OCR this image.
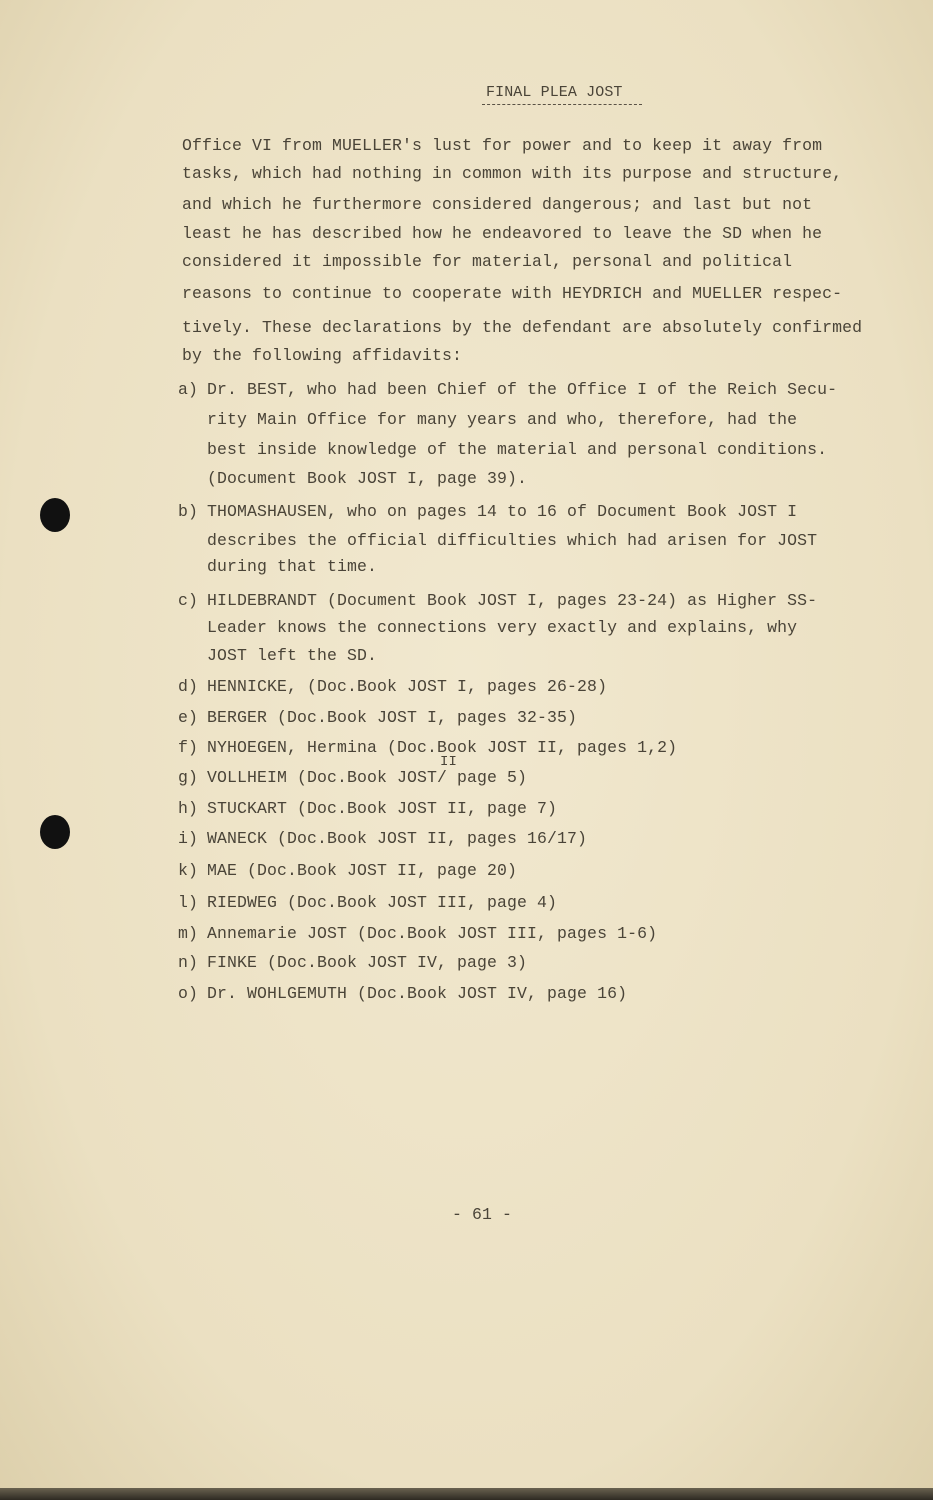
FINAL PLEA JOST
Office VI from MUELLER's lust for power and to keep it away from
tasks, which had nothing in common with its purpose and structure,
and which he furthermore considered dangerous; and last but not
least he has described how he endeavored to leave the SD when he
considered it impossible for material, personal and political
reasons to continue to cooperate with HEYDRICH and MUELLER respec-
tively. These declarations by the defendant are absolutely confirmed
by the following affidavits:
a) Dr. BEST, who had been Chief of the Office I of the Reich Secu-
rity Main Office for many years and who, therefore, had the
best inside knowledge of the material and personal conditions.
(Document Book JOST I, page 39).
b) THOMASHAUSEN, who on pages 14 to 16 of Document Book JOST I
describes the official difficulties which had arisen for JOST
during that time.
c) HILDEBRANDT (Document Book JOST I, pages 23-24) as Higher SS-
Leader knows the connections very exactly and explains, why
JOST left the SD.
d) HENNICKE, (Doc.Book JOST I, pages 26-28)
e) BERGER (Doc.Book JOST I, pages 32-35)
f) NYHOEGEN, Hermina (Doc.Book JOST II, pages 1,2)
g) VOLLHEIM (Doc.Book JOST/ page 5)
h) STUCKART (Doc.Book JOST II, page 7)
i) WANECK (Doc.Book JOST II, pages 16/17)
k) MAE (Doc.Book JOST II, page 20)
l) RIEDWEG (Doc.Book JOST III, page 4)
m) Annemarie JOST (Doc.Book JOST III, pages 1-6)
n) FINKE (Doc.Book JOST IV, page 3)
o) Dr. WOHLGEMUTH (Doc.Book JOST IV, page 16)
II
- 61 -
